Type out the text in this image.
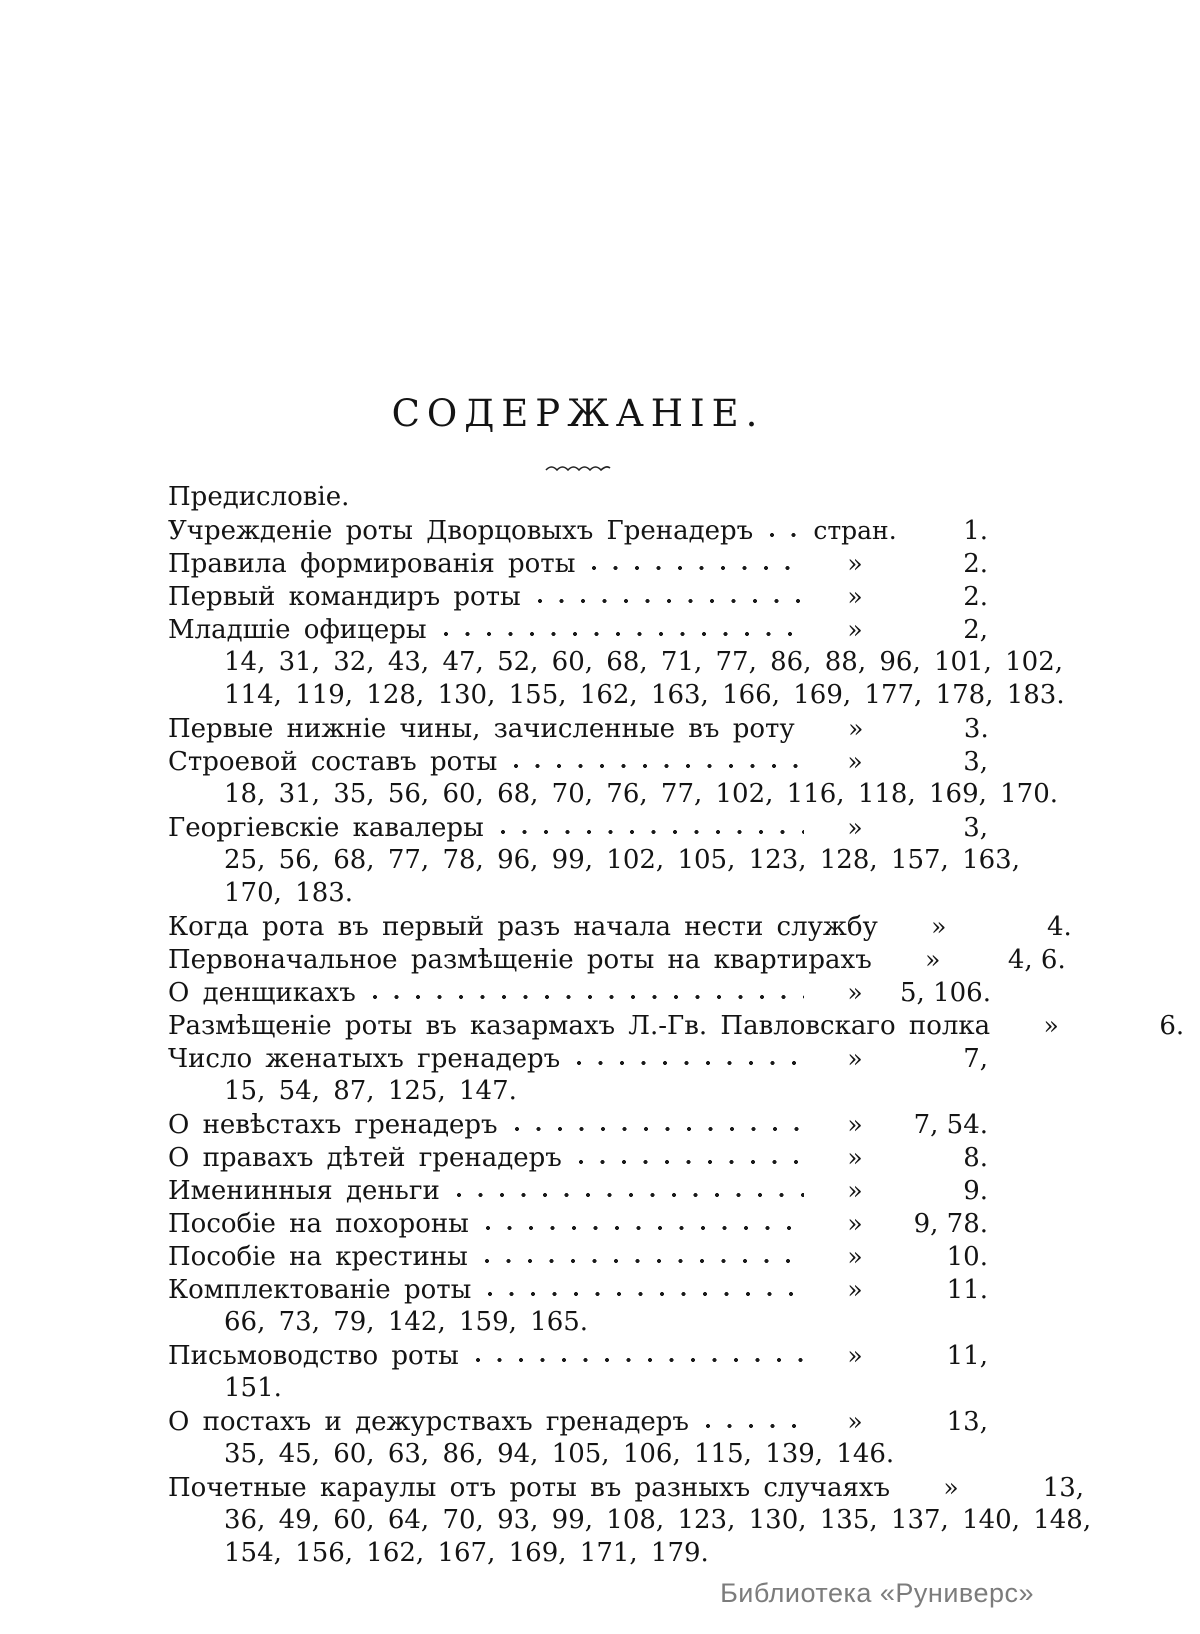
СОДЕРЖАНІЕ.
Предисловіе.
Учрежденіе роты Дворцовыхъ Гренадеръ стран.	1.
Правила формированія роты	»	2.
Первый командиръ роты	»	2.
Младшіе офицеры	»	2,
14, 31, 32, 43, 47, 52, 60, 68, 71, 77, 86, 88, 96, 101, 102,
114, 119, 128, 130, 155, 162, 163, 166, 169, 177, 178, 183.
Первые нижніе чины, зачисленные въ роту	»	3.
Строевой составъ роты	»	3,
18, 31, 35, 56, 60, 68, 70, 76, 77, 102, 116, 118, 169, 170.
Георгіевскіе кавалеры	»	3,
25, 56, 68, 77, 78, 96, 99, 102, 105, 123, 128, 157, 163,
170, 183.
Когда рота въ первый разъ начала нести службу	»	4.
Первоначальное размѣщеніе роты на квартирахъ	»	4, 6.
О денщикахъ	»	5, 106.
Размѣщеніе роты въ казармахъ Л.-Гв. Павловскаго полка	»	6.
Число женатыхъ гренадеръ	»	7,
15, 54, 87, 125, 147.
О невѣстахъ гренадеръ	»	7, 54.
О правахъ дѣтей гренадеръ	»	8.
Именинныя деньги	»	9.
Пособіе на похороны	»	9, 78.
Пособіе на крестины	»	10.
Комплектованіе роты	»	11.
66, 73, 79, 142, 159, 165.
Письмоводство роты	»	11,
151.
О постахъ и дежурствахъ гренадеръ	»	13,
35, 45, 60, 63, 86, 94, 105, 106, 115, 139, 146.
Почетные караулы отъ роты въ разныхъ случаяхъ	»	13,
36, 49, 60, 64, 70, 93, 99, 108, 123, 130, 135, 137, 140, 148,
154, 156, 162, 167, 169, 171, 179.
Библиотека «Руниверс»
